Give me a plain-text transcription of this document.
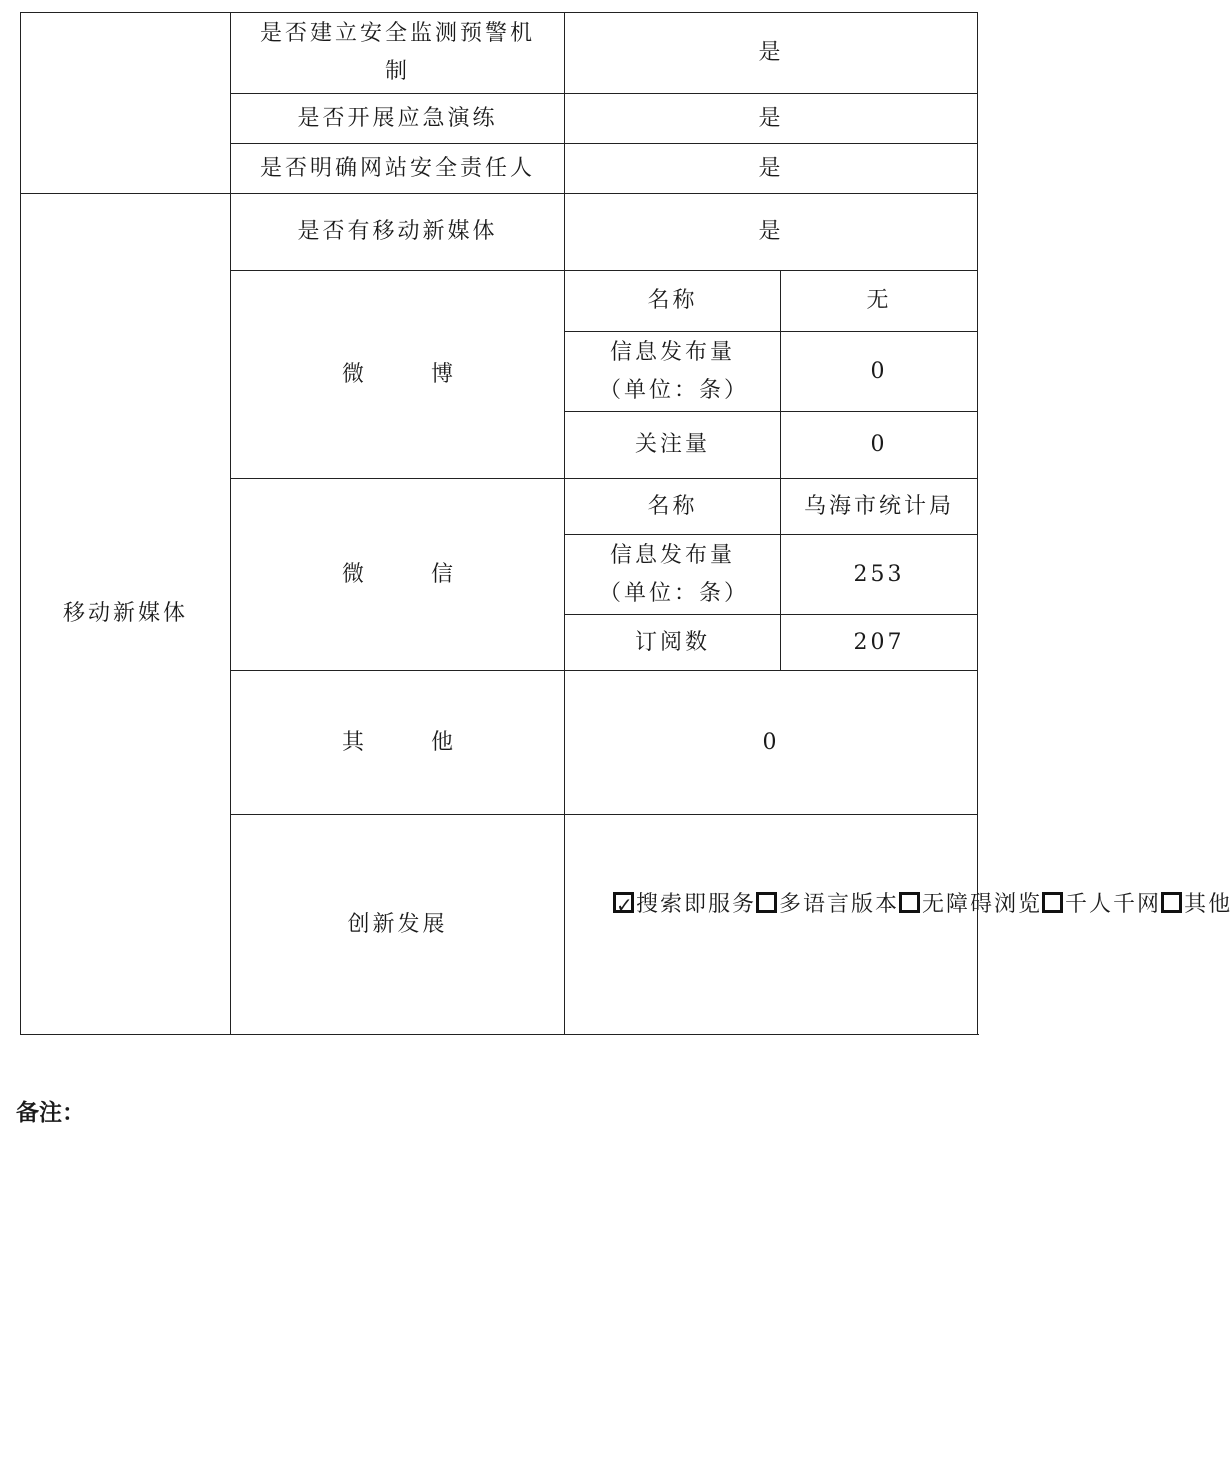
	是否建立安全监测预警机制	是	
	是否开展应急演练	是	
	是否明确网站安全责任人	是	
移动新媒体	是否有移动新媒体	是	
	微 博	名称	无
		信息发布量（单位：条）	0
		关注量	0
	微 信	名称	乌海市统计局
		信息发布量（单位：条）	253
		订阅数	207
	其 他	0	
	创新发展	✓ 搜索即服务 多语言版本 无障碍浏览 千人千网 其他	
备注：
